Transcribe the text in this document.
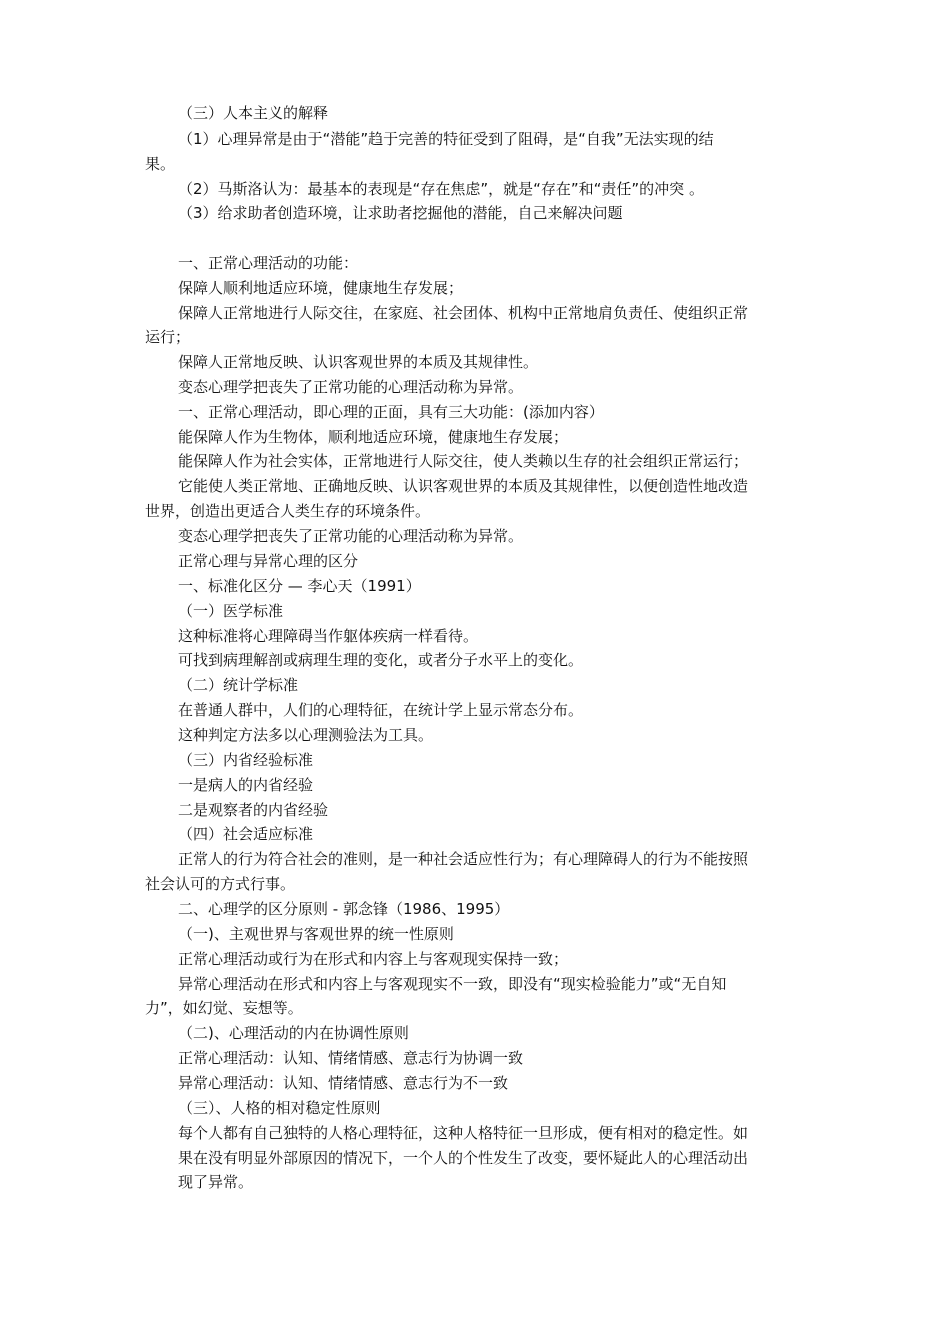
（三）人本主义的解释
（1）心理异常是由于“潜能”趋于完善的特征受到了阻碍，是“自我”无法实现的结
果。
（2）马斯洛认为：最基本的表现是“存在焦虑”，就是“存在”和“责任”的冲突 。
（3）给求助者创造环境，让求助者挖掘他的潜能，自己来解决问题
一、正常心理活动的功能：
保障人顺利地适应环境，健康地生存发展；
保障人正常地进行人际交往，在家庭、社会团体、机构中正常地肩负责任、使组织正常
运行；
保障人正常地反映、认识客观世界的本质及其规律性。
变态心理学把丧失了正常功能的心理活动称为异常。
一、正常心理活动，即心理的正面，具有三大功能：(添加内容）
能保障人作为生物体，顺利地适应环境，健康地生存发展；
能保障人作为社会实体，正常地进行人际交往，使人类赖以生存的社会组织正常运行；
它能使人类正常地、正确地反映、认识客观世界的本质及其规律性，以便创造性地改造
世界，创造出更适合人类生存的环境条件。
变态心理学把丧失了正常功能的心理活动称为异常。
正常心理与异常心理的区分
一、标准化区分 — 李心天（1991）
（一）医学标准
这种标准将心理障碍当作躯体疾病一样看待。
可找到病理解剖或病理生理的变化，或者分子水平上的变化。
（二）统计学标准
在普通人群中，人们的心理特征，在统计学上显示常态分布。
这种判定方法多以心理测验法为工具。
（三）内省经验标准
一是病人的内省经验
二是观察者的内省经验
（四）社会适应标准
正常人的行为符合社会的准则，是一种社会适应性行为；有心理障碍人的行为不能按照
社会认可的方式行事。
二、心理学的区分原则 - 郭念锋（1986、1995）
（一)、主观世界与客观世界的统一性原则
正常心理活动或行为在形式和内容上与客观现实保持一致；
异常心理活动在形式和内容上与客观现实不一致，即没有“现实检验能力”或“无自知
力”，如幻觉、妄想等。
（二)、心理活动的内在协调性原则
正常心理活动：认知、情绪情感、意志行为协调一致
异常心理活动：认知、情绪情感、意志行为不一致
（三）、人格的相对稳定性原则
每个人都有自己独特的人格心理特征，这种人格特征一旦形成，便有相对的稳定性。如
果在没有明显外部原因的情况下，一个人的个性发生了改变，要怀疑此人的心理活动出
现了异常。
